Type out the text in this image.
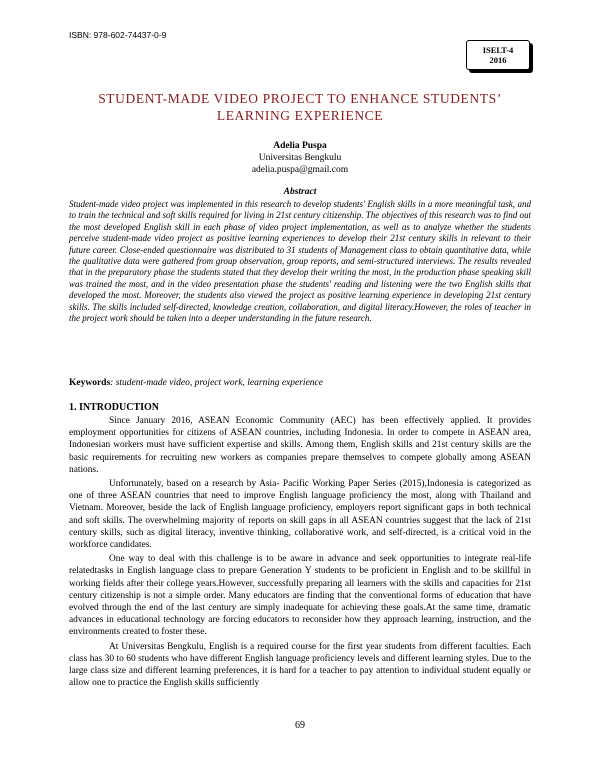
ISBN: 978-602-74437-0-9
ISELT-4
2016
STUDENT-MADE VIDEO PROJECT TO ENHANCE STUDENTS’
LEARNING EXPERIENCE
Adelia Puspa
Universitas Bengkulu
adelia.puspa@gmail.com
Abstract

Student-made video project was implemented in this research to develop students' English skills in a more meaningful task, and to train the technical and soft skills required for living in 21st century citizenship. The objectives of this research was to find out the most developed English skill in each phase of video project implementation, as well as to analyze whether the students perceive student-made video project as positive learning experiences to develop their 21st century skills in relevant to their future career. Close-ended questionnaire was distributed to 31 students of Management class to obtain quantitative data, while the qualitative data were gathered from group observation, group reports, and semi-structured interviews. The results revealed that in the preparatory phase the students stated that they develop their writing the most, in the production phase speaking skill was trained the most, and in the video presentation phase the students' reading and listening were the two English skills that developed the most. Moreover, the students also viewed the project as positive learning experience in developing 21st century skills. The skills included self-directed, knowledge creation, collaboration, and digital literacy.However, the roles of teacher in the project work should be taken into a deeper understanding in the future research.

Keywords: student-made video, project work, learning experience

1. INTRODUCTION

Since January 2016, ASEAN Economic Community (AEC) has been effectively applied. It provides employment opportunities for citizens of ASEAN countries, including Indonesia. In order to compete in ASEAN area, Indonesian workers must have sufficient expertise and skills. Among them, English skills and 21st century skills are the basic requirements for recruiting new workers as companies prepare themselves to compete globally among ASEAN nations.

Unfortunately, based on a research by Asia- Pacific Working Paper Series (2015),Indonesia is categorized as one of three ASEAN countries that need to improve English language proficiency the most, along with Thailand and Vietnam. Moreover, beside the lack of English language proficiency, employers report significant gaps in both technical and soft skills. The overwhelming majority of reports on skill gaps in all ASEAN countries suggest that the lack of 21st century skills, such as digital literacy, inventive thinking, collaborative work, and self-directed, is a critical void in the workforce candidates.

One way to deal with this challenge is to be aware in advance and seek opportunities to integrate real-life relatedtasks in English language class to prepare Generation Y students to be proficient in English and to be skillful in working fields after their college years.However, successfully preparing all learners with the skills and capacities for 21st century citizenship is not a simple order. Many educators are finding that the conventional forms of education that have evolved through the end of the last century are simply inadequate for achieving these goals.At the same time, dramatic advances in educational technology are forcing educators to reconsider how they approach learning, instruction, and the environments created to foster these.

At Universitas Bengkulu, English is a required course for the first year students from different faculties. Each class has 30 to 60 students who have different English language proficiency levels and different learning styles. Due to the large class size and different learning preferences, it is hard for a teacher to pay attention to individual student equally or allow one to practice the English skills sufficiently

69
